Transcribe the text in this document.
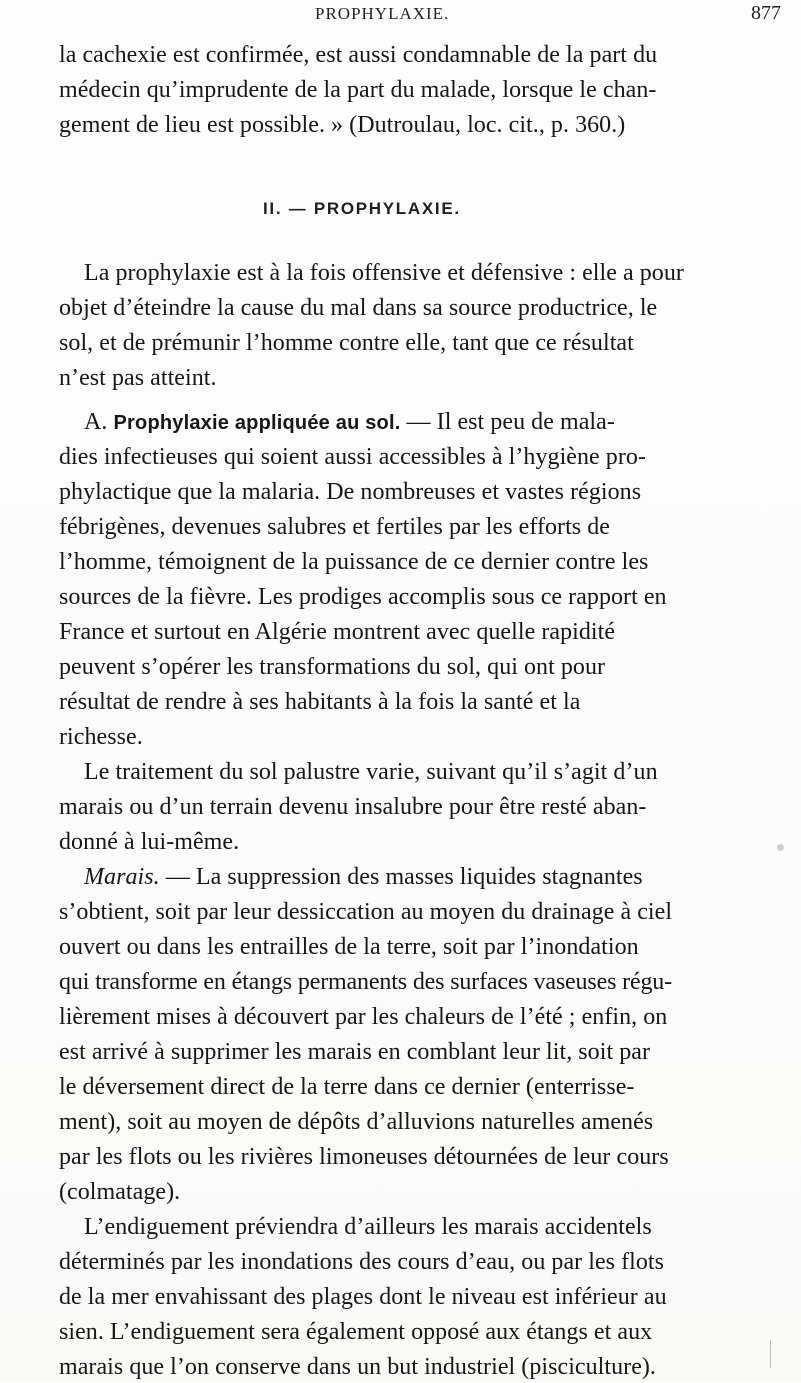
PROPHYLAXIE.	877
la cachexie est confirmée, est aussi condamnable de la part du
médecin qu’imprudente de la part du malade, lorsque le chan-
gement de lieu est possible. » (Dutroulau, loc. cit., p. 360.)
II. — PROPHYLAXIE.
La prophylaxie est à la fois offensive et défensive : elle a pour
objet d’éteindre la cause du mal dans sa source productrice, le
sol, et de prémunir l’homme contre elle, tant que ce résultat
n’est pas atteint.
A. Prophylaxie appliquée au sol. — Il est peu de mala-
dies infectieuses qui soient aussi accessibles à l’hygiène pro-
phylactique que la malaria. De nombreuses et vastes régions
fébrigènes, devenues salubres et fertiles par les efforts de
l’homme, témoignent de la puissance de ce dernier contre les
sources de la fièvre. Les prodiges accomplis sous ce rapport en
France et surtout en Algérie montrent avec quelle rapidité
peuvent s’opérer les transformations du sol, qui ont pour
résultat de rendre à ses habitants à la fois la santé et la
richesse.
Le traitement du sol palustre varie, suivant qu’il s’agit d’un
marais ou d’un terrain devenu insalubre pour être resté aban-
donné à lui-même.
Marais. — La suppression des masses liquides stagnantes
s’obtient, soit par leur dessiccation au moyen du drainage à ciel
ouvert ou dans les entrailles de la terre, soit par l’inondation
qui transforme en étangs permanents des surfaces vaseuses régu-
lièrement mises à découvert par les chaleurs de l’été ; enfin, on
est arrivé à supprimer les marais en comblant leur lit, soit par
le déversement direct de la terre dans ce dernier (enterrisse-
ment), soit au moyen de dépôts d’alluvions naturelles amenés
par les flots ou les rivières limoneuses détournées de leur cours
(colmatage).
L’endiguement préviendra d’ailleurs les marais accidentels
déterminés par les inondations des cours d’eau, ou par les flots
de la mer envahissant des plages dont le niveau est inférieur au
sien. L’endiguement sera également opposé aux étangs et aux
marais que l’on conserve dans un but industriel (pisciculture).
